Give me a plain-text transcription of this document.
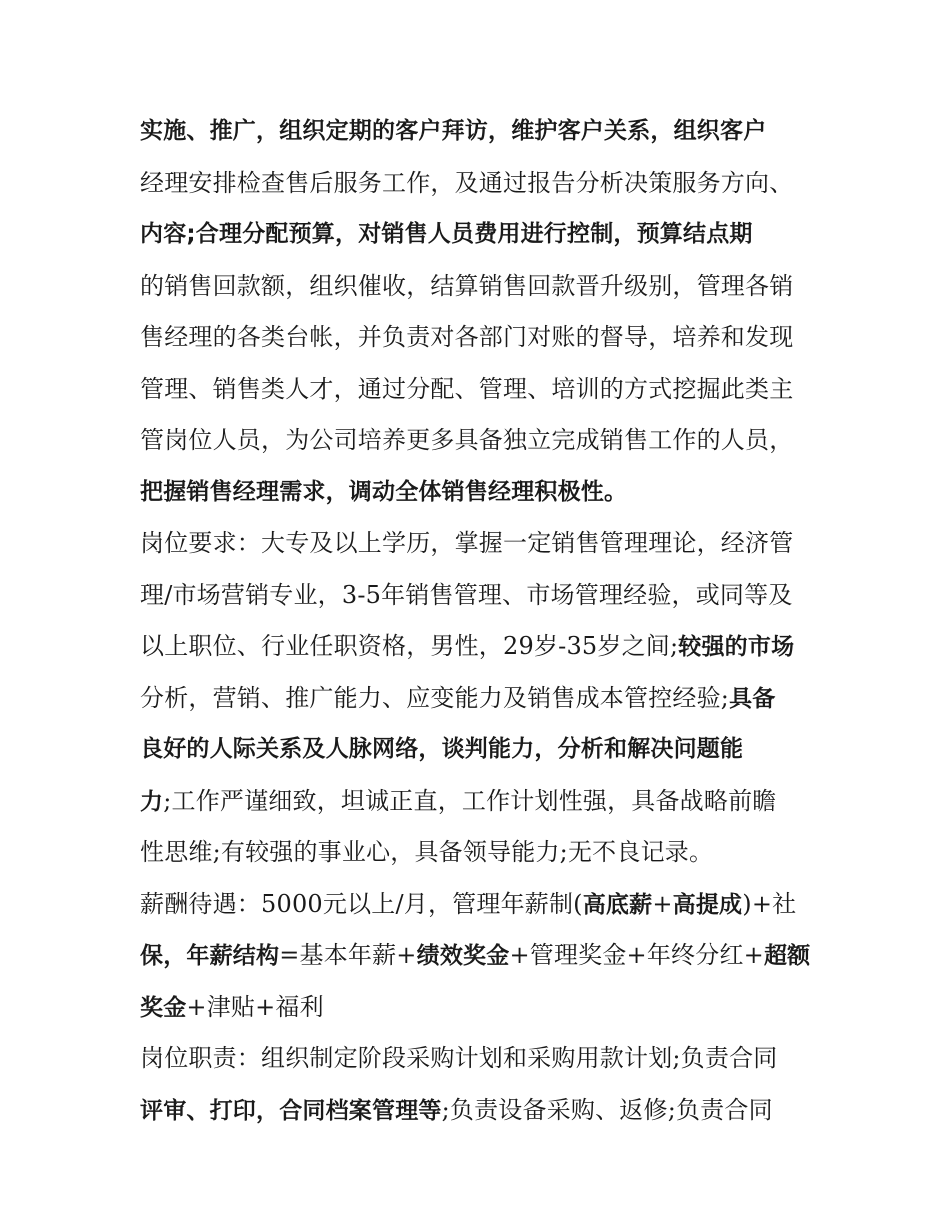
实施、推广，组织定期的客户拜访，维护客户关系，组织客户
经理安排检查售后服务工作，及通过报告分析决策服务方向、
内容;合理分配预算，对销售人员费用进行控制，预算结点期
的销售回款额，组织催收，结算销售回款晋升级别，管理各销
售经理的各类台帐，并负责对各部门对账的督导，培养和发现
管理、销售类人才，通过分配、管理、培训的方式挖掘此类主
管岗位人员，为公司培养更多具备独立完成销售工作的人员，
把握销售经理需求，调动全体销售经理积极性。
岗位要求：大专及以上学历，掌握一定销售管理理论，经济管
理/市场营销专业，3-5年销售管理、市场管理经验，或同等及
以上职位、行业任职资格，男性，29岁-35岁之间;较强的市场
分析，营销、推广能力、应变能力及销售成本管控经验;具备
良好的人际关系及人脉网络，谈判能力，分析和解决问题能
力;工作严谨细致，坦诚正直，工作计划性强，具备战略前瞻
性思维;有较强的事业心，具备领导能力;无不良记录。
薪酬待遇：5000元以上/月，管理年薪制(高底薪+高提成)+社
保，年薪结构=基本年薪+绩效奖金+管理奖金+年终分红+超额
奖金+津贴+福利
岗位职责：组织制定阶段采购计划和采购用款计划;负责合同
评审、打印，合同档案管理等;负责设备采购、返修;负责合同
